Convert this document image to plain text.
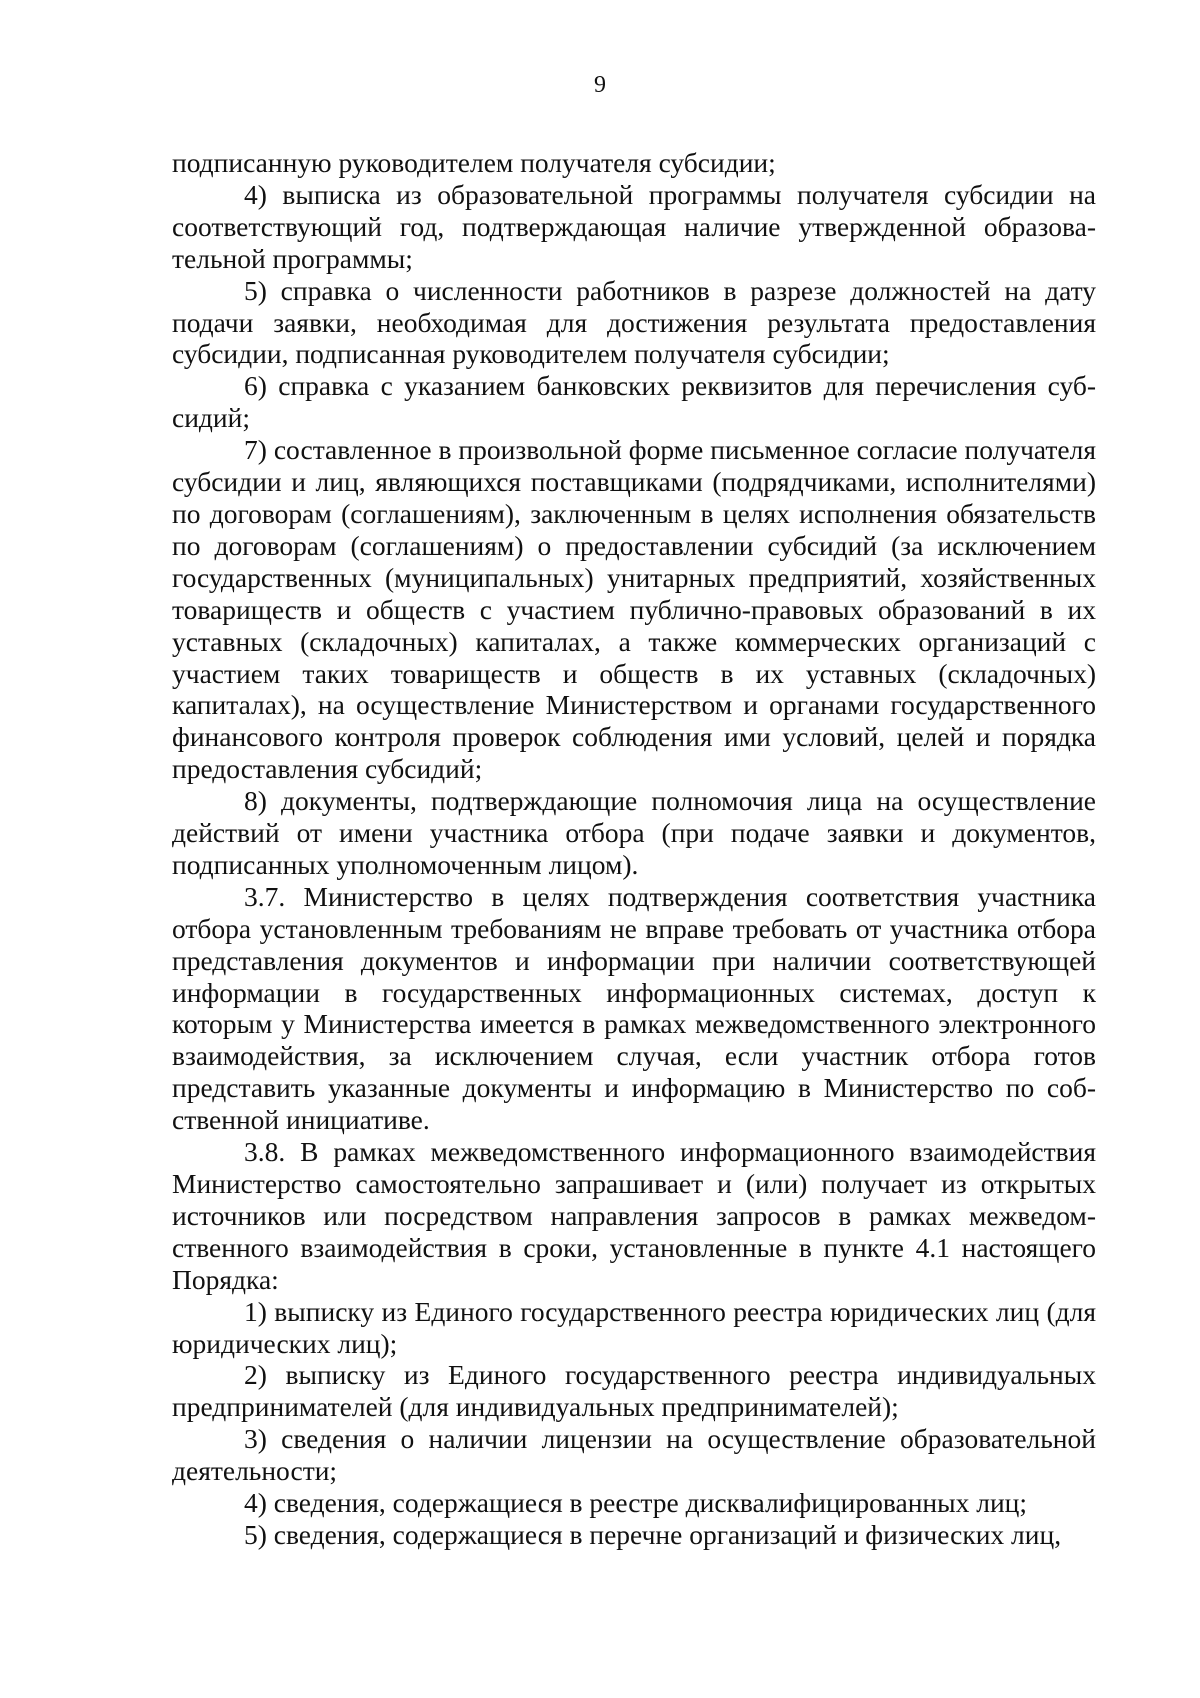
9

подписанную руководителем получателя субсидии;

4) выписка из образовательной программы получателя субсидии на соответствующий год, подтверждающая наличие утвержденной образовательной программы;

5) справка о численности работников в разрезе должностей на дату подачи заявки, необходимая для достижения результата предоставления субсидии, подписанная руководителем получателя субсидии;

6) справка с указанием банковских реквизитов для перечисления субсидий;

7) составленное в произвольной форме письменное согласие получателя субсидии и лиц, являющихся поставщиками (подрядчиками, исполнителями) по договорам (соглашениям), заключенным в целях исполнения обязательств по договорам (соглашениям) о предоставлении субсидий (за исключением государственных (муниципальных) унитарных предприятий, хозяйственных товариществ и обществ с участием публично-правовых образований в их уставных (складочных) капиталах, а также коммерческих организаций с участием таких товариществ и обществ в их уставных (складочных) капиталах), на осуществление Министерством и органами государственного финансового контроля проверок соблюдения ими условий, целей и порядка предоставления субсидий;

8) документы, подтверждающие полномочия лица на осуществление действий от имени участника отбора (при подаче заявки и документов, подписанных уполномоченным лицом).

3.7. Министерство в целях подтверждения соответствия участника отбора установленным требованиям не вправе требовать от участника отбора представления документов и информации при наличии соответствующей информации в государственных информационных системах, доступ к которым у Министерства имеется в рамках межведомственного электронного взаимодействия, за исключением случая, если участник отбора готов представить указанные документы и информацию в Министерство по собственной инициативе.

3.8. В рамках межведомственного информационного взаимодействия Министерство самостоятельно запрашивает и (или) получает из открытых источников или посредством направления запросов в рамках межведомственного взаимодействия в сроки, установленные в пункте 4.1 настоящего Порядка:

1) выписку из Единого государственного реестра юридических лиц (для юридических лиц);

2) выписку из Единого государственного реестра индивидуальных предпринимателей (для индивидуальных предпринимателей);

3) сведения о наличии лицензии на осуществление образовательной деятельности;

4) сведения, содержащиеся в реестре дисквалифицированных лиц;

5) сведения, содержащиеся в перечне организаций и физических лиц,
